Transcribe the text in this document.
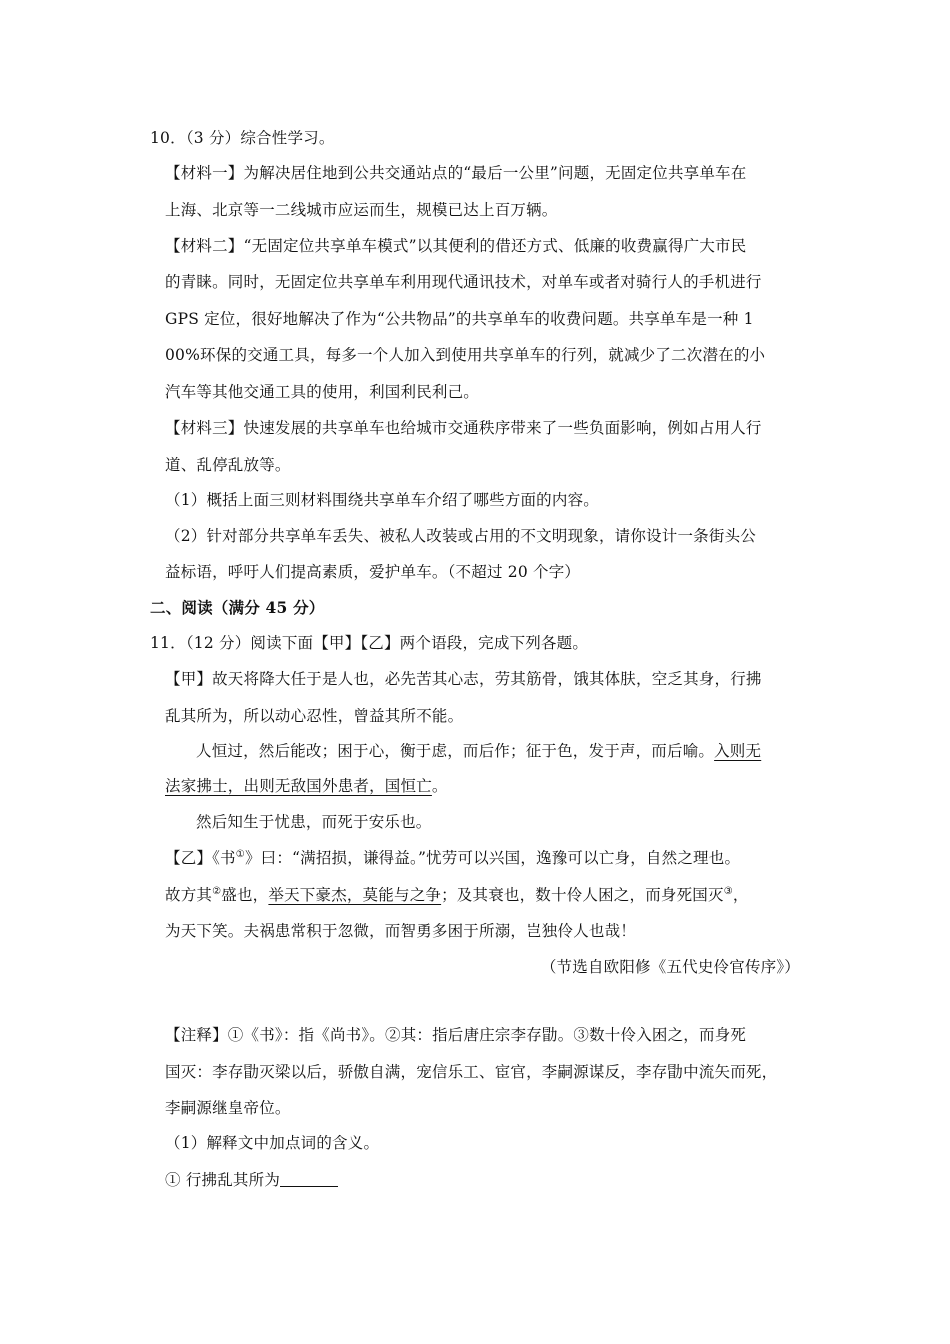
10．（3 分）综合性学习。
【材料一】为解决居住地到公共交通站点的“最后一公里”问题，无固定位共享单车在
上海、北京等一二线城市应运而生，规模已达上百万辆。
【材料二】“无固定位共享单车模式”以其便利的借还方式、低廉的收费赢得广大市民
的青睐。同时，无固定位共享单车利用现代通讯技术，对单车或者对骑行人的手机进行
GPS 定位，很好地解决了作为“公共物品”的共享单车的收费问题。共享单车是一种 1
00%环保的交通工具，每多一个人加入到使用共享单车的行列，就减少了二次潜在的小
汽车等其他交通工具的使用，利国利民利己。
【材料三】快速发展的共享单车也给城市交通秩序带来了一些负面影响，例如占用人行
道、乱停乱放等。
（1）概括上面三则材料围绕共享单车介绍了哪些方面的内容。
（2）针对部分共享单车丢失、被私人改装或占用的不文明现象，请你设计一条街头公
益标语，呼吁人们提高素质，爱护单车。（不超过 20 个字）
二、阅读（满分 45 分）
11．（12 分）阅读下面【甲】【乙】两个语段，完成下列各题。
【甲】故天将降大任于是人也，必先苦其心志，劳其筋骨，饿其体肤，空乏其身，行拂
乱其所为，所以动心忍性，曾益其所不能。
人恒过，然后能改；困于心，衡于虑，而后作；征于色，发于声，而后喻。入则无
法家拂士，出则无敌国外患者，国恒亡。
然后知生于忧患，而死于安乐也。
【乙】《书①》曰：“满招损，谦得益。”忧劳可以兴国，逸豫可以亡身，自然之理也。
故方其②盛也，举天下豪杰，莫能与之争；及其衰也，数十伶人困之，而身死国灭③，
为天下笑。夫祸患常积于忽微，而智勇多困于所溺，岂独伶人也哉！
（节选自欧阳修《五代史伶官传序》）
【注释】①《书》：指《尚书》。②其：指后唐庄宗李存勖。③数十伶入困之，而身死
国灭：李存勖灭梁以后，骄傲自满，宠信乐工、宦官，李嗣源谋反，李存勖中流矢而死，
李嗣源继皇帝位。
（1）解释文中加点词的含义。
① 行拂乱其所为
